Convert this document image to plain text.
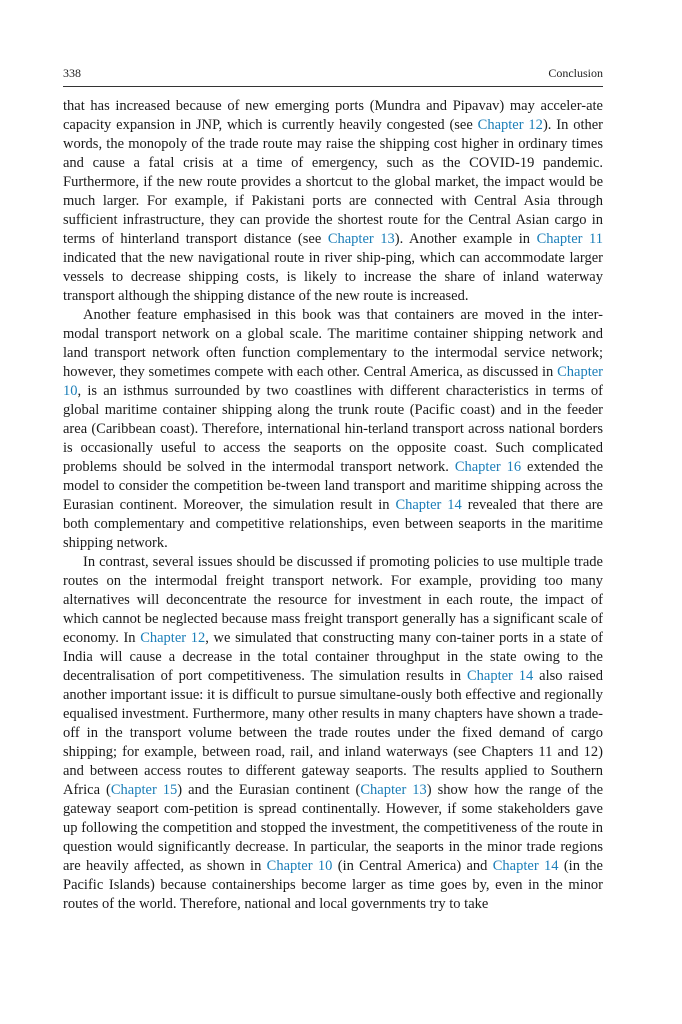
338	Conclusion

that has increased because of new emerging ports (Mundra and Pipavav) may acceler-ate capacity expansion in JNP, which is currently heavily congested (see Chapter 12). In other words, the monopoly of the trade route may raise the shipping cost higher in ordinary times and cause a fatal crisis at a time of emergency, such as the COVID-19 pandemic. Furthermore, if the new route provides a shortcut to the global market, the impact would be much larger. For example, if Pakistani ports are connected with Central Asia through sufficient infrastructure, they can provide the shortest route for the Central Asian cargo in terms of hinterland transport distance (see Chapter 13). Another example in Chapter 11 indicated that the new navigational route in river ship-ping, which can accommodate larger vessels to decrease shipping costs, is likely to increase the share of inland waterway transport although the shipping distance of the new route is increased.

Another feature emphasised in this book was that containers are moved in the inter-modal transport network on a global scale. The maritime container shipping network and land transport network often function complementary to the intermodal service network; however, they sometimes compete with each other. Central America, as discussed in Chapter 10, is an isthmus surrounded by two coastlines with different characteristics in terms of global maritime container shipping along the trunk route (Pacific coast) and in the feeder area (Caribbean coast). Therefore, international hin-terland transport across national borders is occasionally useful to access the seaports on the opposite coast. Such complicated problems should be solved in the intermodal transport network. Chapter 16 extended the model to consider the competition be-tween land transport and maritime shipping across the Eurasian continent. Moreover, the simulation result in Chapter 14 revealed that there are both complementary and competitive relationships, even between seaports in the maritime shipping network.

In contrast, several issues should be discussed if promoting policies to use multiple trade routes on the intermodal freight transport network. For example, providing too many alternatives will deconcentrate the resource for investment in each route, the impact of which cannot be neglected because mass freight transport generally has a significant scale of economy. In Chapter 12, we simulated that constructing many con-tainer ports in a state of India will cause a decrease in the total container throughput in the state owing to the decentralisation of port competitiveness. The simulation results in Chapter 14 also raised another important issue: it is difficult to pursue simultane-ously both effective and regionally equalised investment. Furthermore, many other results in many chapters have shown a trade-off in the transport volume between the trade routes under the fixed demand of cargo shipping; for example, between road, rail, and inland waterways (see Chapters 11 and 12) and between access routes to different gateway seaports. The results applied to Southern Africa (Chapter 15) and the Eurasian continent (Chapter 13) show how the range of the gateway seaport com-petition is spread continentally. However, if some stakeholders gave up following the competition and stopped the investment, the competitiveness of the route in question would significantly decrease. In particular, the seaports in the minor trade regions are heavily affected, as shown in Chapter 10 (in Central America) and Chapter 14 (in the Pacific Islands) because containerships become larger as time goes by, even in the minor routes of the world. Therefore, national and local governments try to take
